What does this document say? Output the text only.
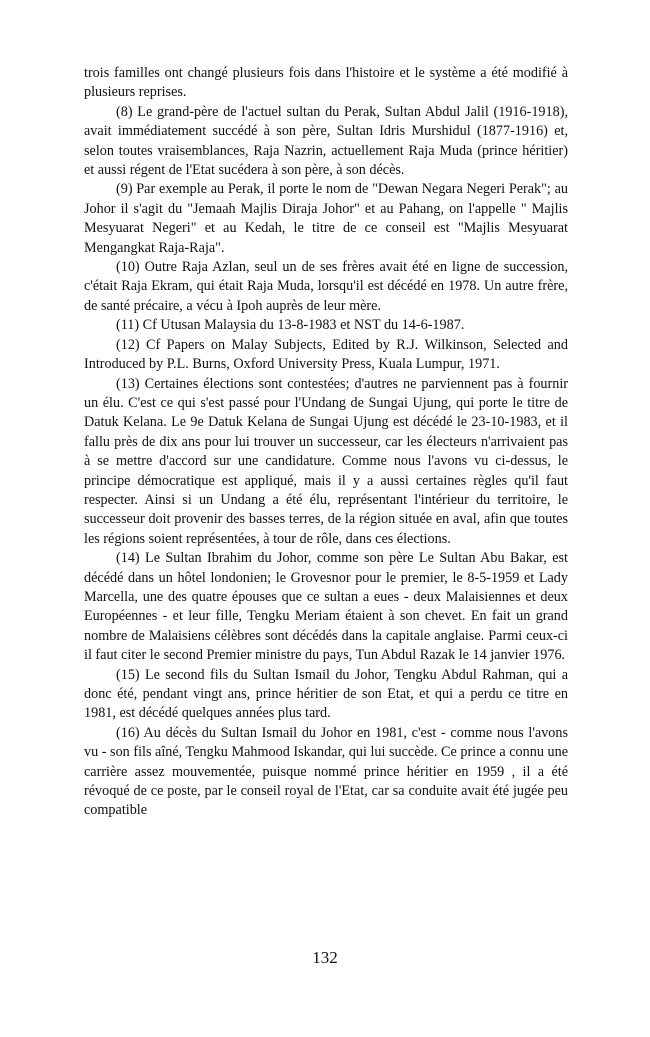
trois familles ont changé plusieurs fois dans l'histoire et le système a été modifié à plusieurs reprises.

(8) Le grand-père de l'actuel sultan du Perak, Sultan Abdul Jalil (1916-1918), avait immédiatement succédé à son père, Sultan Idris Murshidul (1877-1916) et, selon toutes vraisemblances, Raja Nazrin, actuellement Raja Muda (prince héritier) et aussi régent de l'Etat sucédera à son père, à son décès.

(9) Par exemple au Perak, il porte le nom de "Dewan Negara Negeri Perak"; au Johor il s'agit du "Jemaah Majlis Diraja Johor" et au Pahang, on l'appelle " Majlis Mesyuarat Negeri" et au Kedah, le titre de ce conseil est "Majlis Mesyuarat Mengangkat Raja-Raja".

(10) Outre Raja Azlan, seul un de ses frères avait été en ligne de succession, c'était Raja Ekram, qui était Raja Muda, lorsqu'il est décédé en 1978. Un autre frère, de santé précaire, a vécu à Ipoh auprès de leur mère.

(11) Cf Utusan Malaysia du 13-8-1983 et NST du 14-6-1987.

(12) Cf Papers on Malay Subjects, Edited by R.J. Wilkinson, Selected and Introduced by P.L. Burns, Oxford University Press, Kuala Lumpur, 1971.

(13) Certaines élections sont contestées; d'autres ne parviennent pas à fournir un élu. C'est ce qui s'est passé pour l'Undang de Sungai Ujung, qui porte le titre de Datuk Kelana. Le 9e Datuk Kelana de Sungai Ujung est décédé le 23-10-1983, et il fallu près de dix ans pour lui trouver un successeur, car les électeurs n'arrivaient pas à se mettre d'accord sur une candidature. Comme nous l'avons vu ci-dessus, le principe démocratique est appliqué, mais il y a aussi certaines règles qu'il faut respecter. Ainsi si un Undang a été élu, représentant l'intérieur du territoire, le successeur doit provenir des basses terres, de la région située en aval, afin que toutes les régions soient représentées, à tour de rôle, dans ces élections.

(14) Le Sultan Ibrahim du Johor, comme son père Le Sultan Abu Bakar, est décédé dans un hôtel londonien; le Grovesnor pour le premier, le 8-5-1959 et Lady Marcella, une des quatre épouses que ce sultan a eues - deux Malaisiennes et deux Européennes - et leur fille, Tengku Meriam étaient à son chevet. En fait un grand nombre de Malaisiens célèbres sont décédés dans la capitale anglaise. Parmi ceux-ci il faut citer le second Premier ministre du pays, Tun Abdul Razak le 14 janvier 1976.

(15) Le second fils du Sultan Ismail du Johor, Tengku Abdul Rahman, qui a donc été, pendant vingt ans, prince héritier de son Etat, et qui a perdu ce titre en 1981, est décédé quelques années plus tard.

(16) Au décès du Sultan Ismail du Johor en 1981, c'est - comme nous l'avons vu - son fils aîné, Tengku Mahmood Iskandar, qui lui succède. Ce prince a connu une carrière assez mouvementée, puisque nommé prince héritier en 1959 , il a été révoqué de ce poste, par le conseil royal de l'Etat, car sa conduite avait été jugée peu compatible

132
